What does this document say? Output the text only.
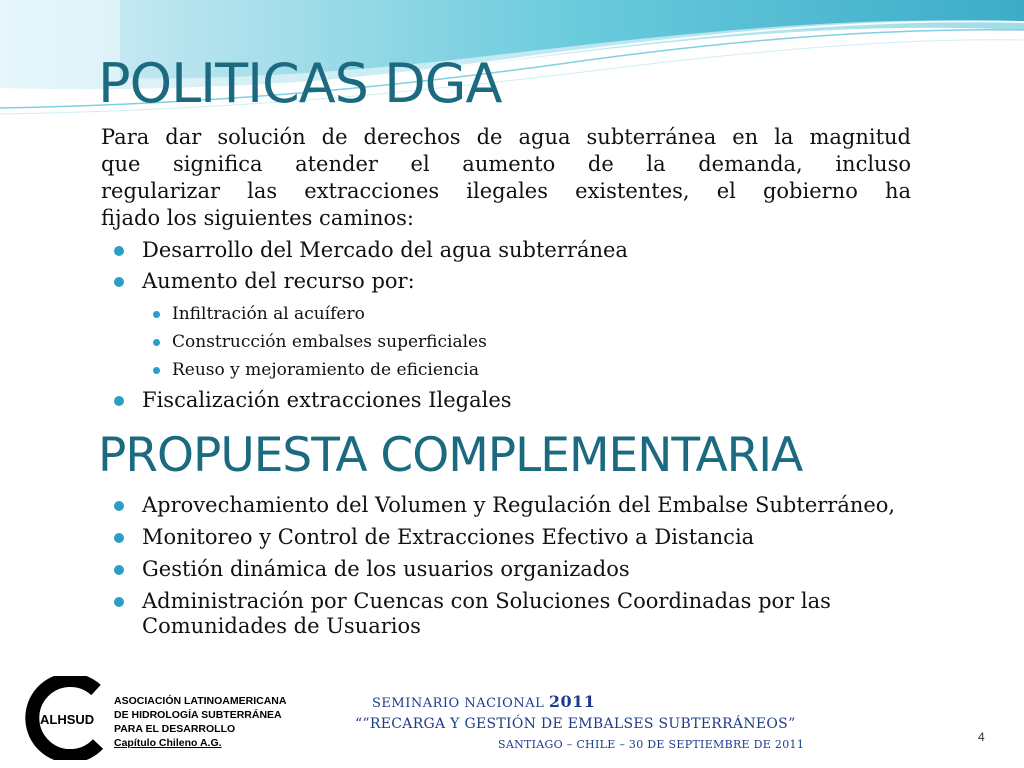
POLITICAS DGA
Para dar solución de derechos de agua subterránea en la magnitud
que significa atender el aumento de la demanda, incluso
regularizar las extracciones ilegales existentes, el gobierno ha
fijado los siguientes caminos:
Desarrollo del Mercado del agua subterránea
Aumento del recurso por:
Infiltración al acuífero
Construcción embalses superficiales
Reuso y mejoramiento de eficiencia
Fiscalización extracciones Ilegales
PROPUESTA COMPLEMENTARIA
Aprovechamiento del Volumen y Regulación del Embalse Subterráneo,
Monitoreo y Control de Extracciones Efectivo a Distancia
Gestión dinámica de los usuarios organizados
Administración por Cuencas con Soluciones Coordinadas por las Comunidades de Usuarios
ALHSUD
ASOCIACIÓN LATINOAMERICANA
DE HIDROLOGÍA SUBTERRÁNEA
PARA EL DESARROLLO
Capítulo Chileno A.G.
SEMINARIO NACIONAL 2011
“”RECARGA Y GESTIÓN DE EMBALSES SUBTERRÁNEOS”
SANTIAGO – CHILE – 30 DE SEPTIEMBRE DE 2011
4
